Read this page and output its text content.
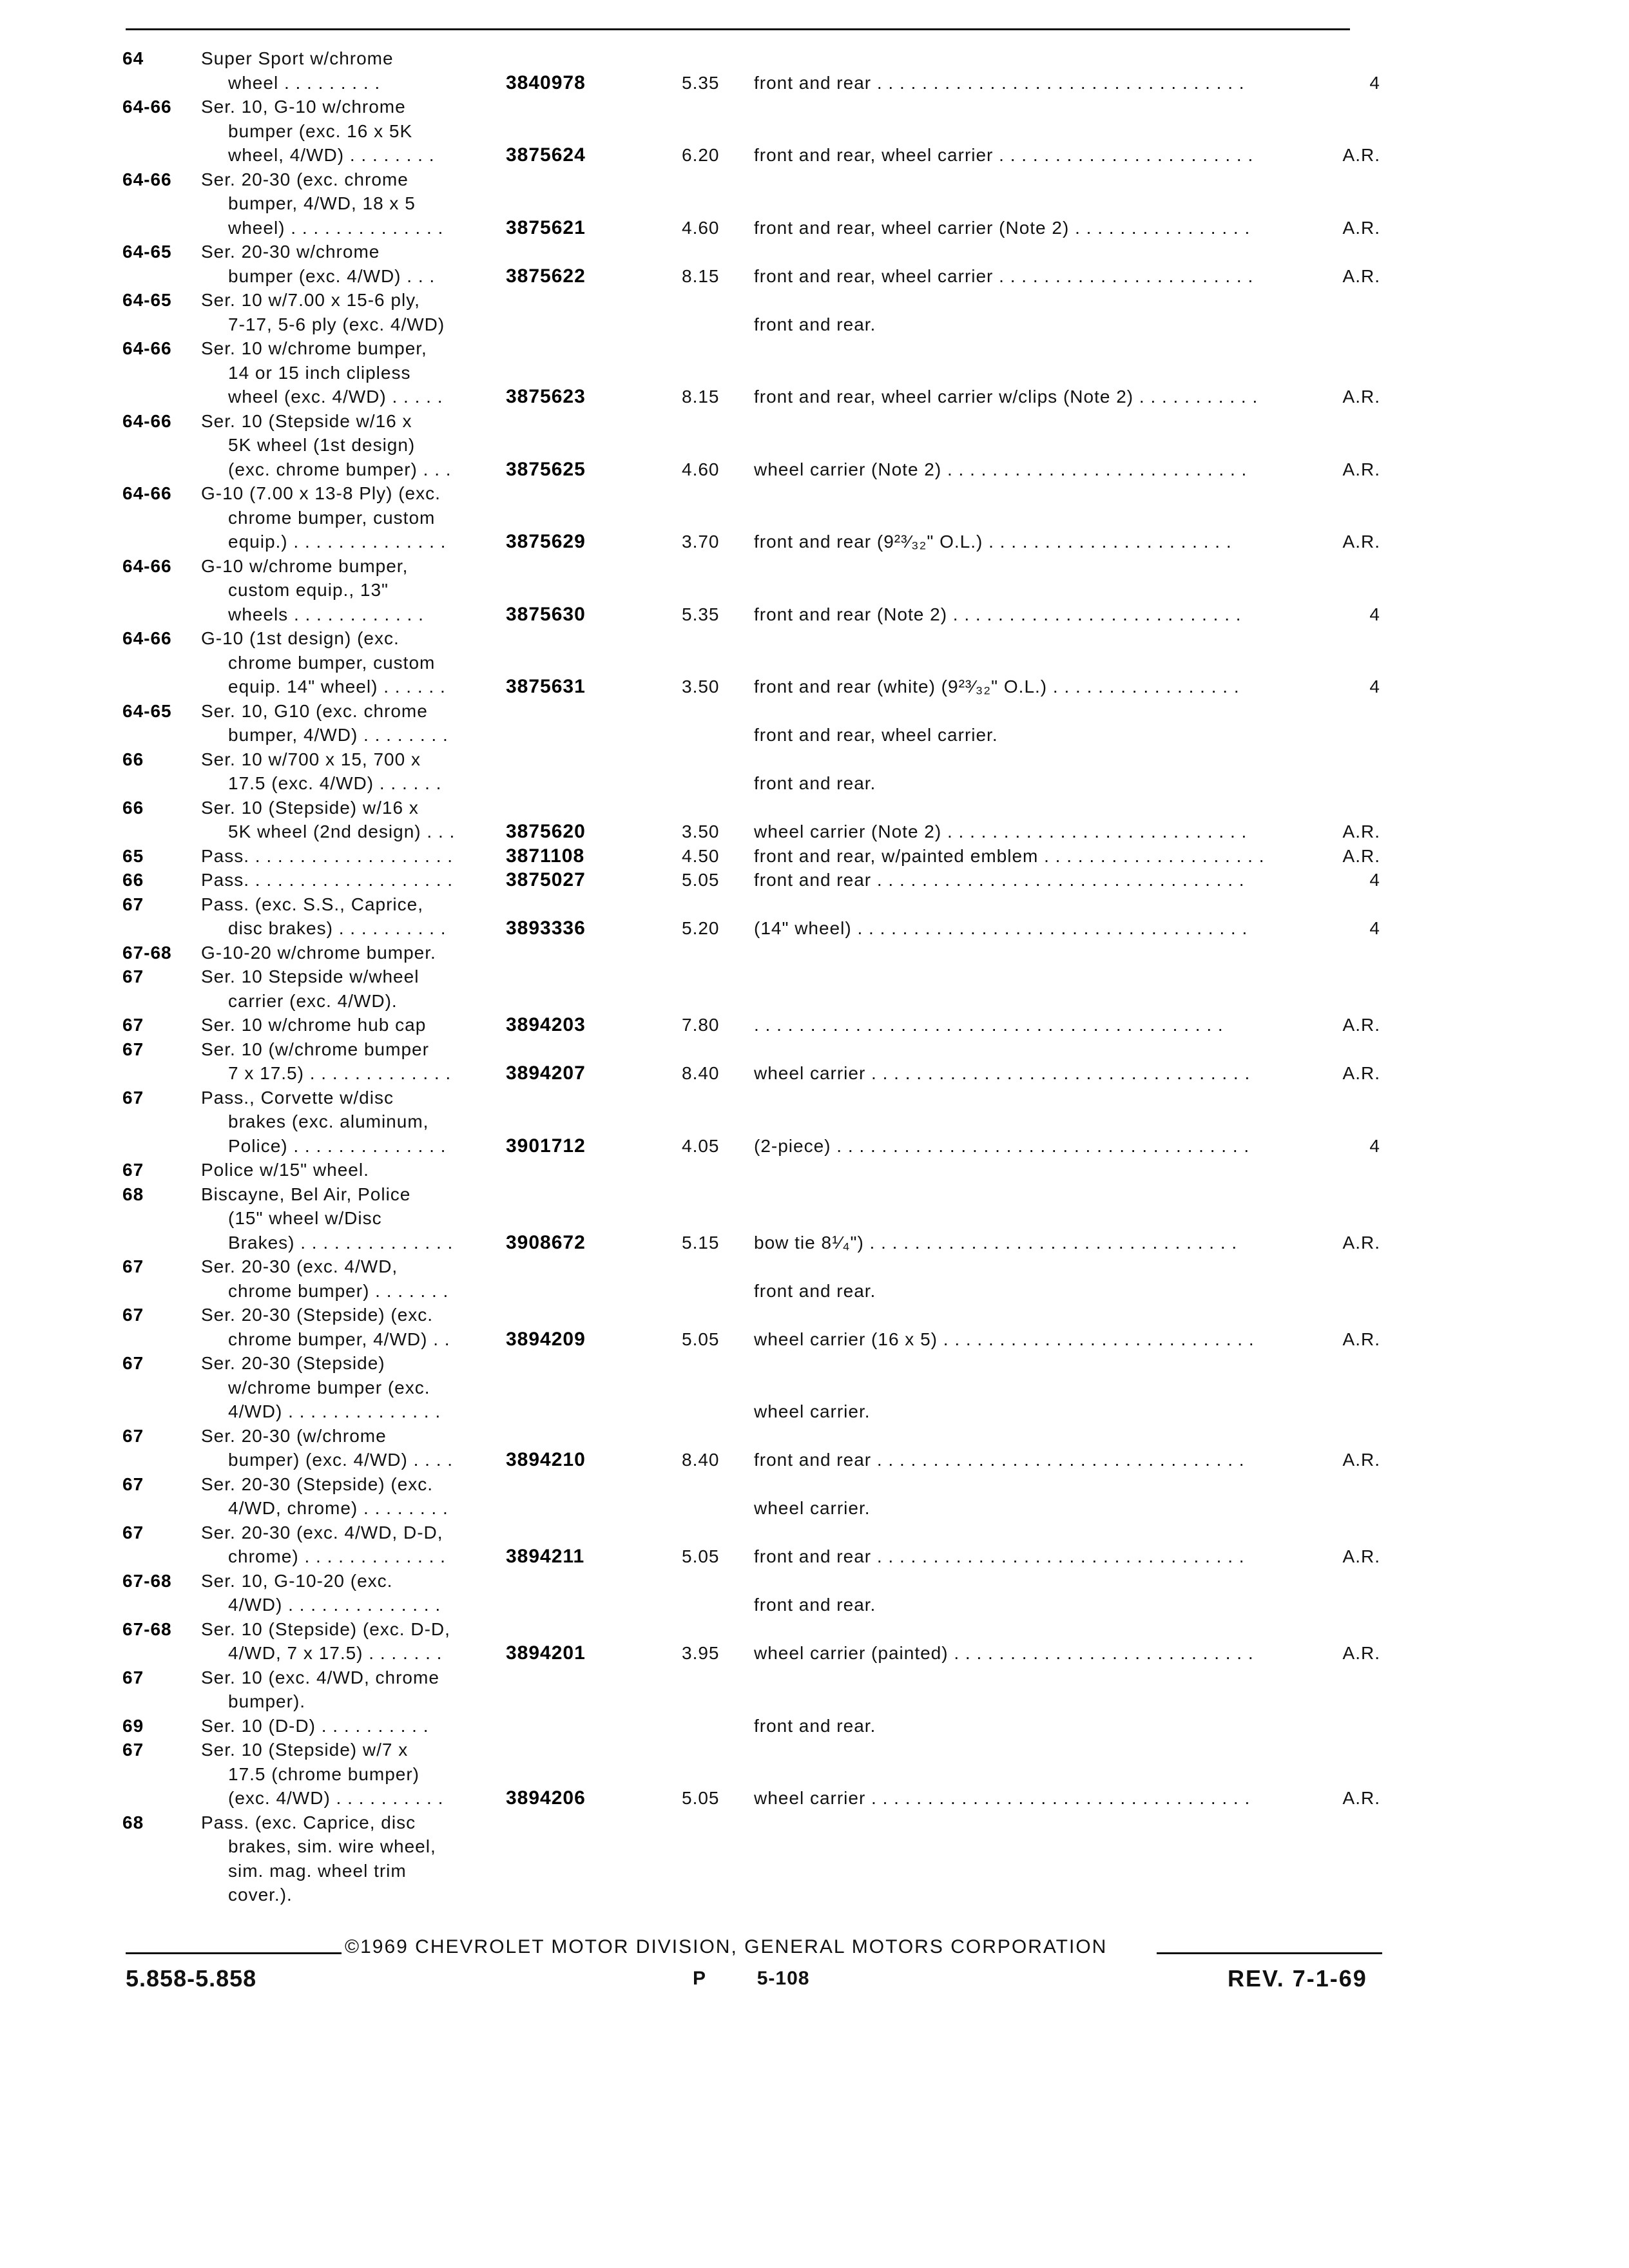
64	Super Sport w/chrome
wheel . . . . . . . . .	3840978	5.35	front and rear . . . . . . . . . . . . . . . . . . . . . . . . . . . . . . . . .	4
64-66	Ser. 10, G-10 w/chrome
bumper (exc. 16 x 5K
wheel, 4/WD) . . . . . . . .	3875624	6.20	front and rear, wheel carrier . . . . . . . . . . . . . . . . . . . . . . .	A.R.
64-66	Ser. 20-30 (exc. chrome
bumper, 4/WD, 18 x 5
wheel) . . . . . . . . . . . . . .	3875621	4.60	front and rear, wheel carrier (Note 2) . . . . . . . . . . . . . . . .	A.R.
64-65	Ser. 20-30 w/chrome
bumper (exc. 4/WD) . . .	3875622	8.15	front and rear, wheel carrier . . . . . . . . . . . . . . . . . . . . . . .	A.R.
64-65	Ser. 10 w/7.00 x 15-6 ply,
7-17, 5-6 ply (exc. 4/WD)	front and rear.
64-66	Ser. 10 w/chrome bumper,
14 or 15 inch clipless
wheel (exc. 4/WD) . . . . .	3875623	8.15	front and rear, wheel carrier w/clips (Note 2) . . . . . . . . . . .	A.R.
64-66	Ser. 10 (Stepside w/16 x
5K wheel (1st design)
(exc. chrome bumper) . . .	3875625	4.60	wheel carrier (Note 2) . . . . . . . . . . . . . . . . . . . . . . . . . . .	A.R.
64-66	G-10 (7.00 x 13-8 Ply) (exc.
chrome bumper, custom
equip.) . . . . . . . . . . . . . .	3875629	3.70	front and rear (9²³⁄₃₂" O.L.) . . . . . . . . . . . . . . . . . . . . . .	A.R.
64-66	G-10 w/chrome bumper,
custom equip., 13"
wheels . . . . . . . . . . . .	3875630	5.35	front and rear (Note 2) . . . . . . . . . . . . . . . . . . . . . . . . . .	4
64-66	G-10 (1st design) (exc.
chrome bumper, custom
equip. 14" wheel) . . . . . .	3875631	3.50	front and rear (white) (9²³⁄₃₂" O.L.) . . . . . . . . . . . . . . . . .	4
64-65	Ser. 10, G10 (exc. chrome
bumper, 4/WD) . . . . . . . .	front and rear, wheel carrier.
66	Ser. 10 w/700 x 15, 700 x
17.5 (exc. 4/WD) . . . . . .	front and rear.
66	Ser. 10 (Stepside) w/16 x
5K wheel (2nd design) . . .	3875620	3.50	wheel carrier (Note 2) . . . . . . . . . . . . . . . . . . . . . . . . . . .	A.R.
65	Pass. . . . . . . . . . . . . . . . . . .	3871108	4.50	front and rear, w/painted emblem . . . . . . . . . . . . . . . . . . . .	A.R.
66	Pass. . . . . . . . . . . . . . . . . . .	3875027	5.05	front and rear . . . . . . . . . . . . . . . . . . . . . . . . . . . . . . . . .	4
67	Pass. (exc. S.S., Caprice,
disc brakes) . . . . . . . . . .	3893336	5.20	(14" wheel) . . . . . . . . . . . . . . . . . . . . . . . . . . . . . . . . . . .	4
67-68	G-10-20 w/chrome bumper.
67	Ser. 10 Stepside w/wheel
carrier (exc. 4/WD).
67	Ser. 10 w/chrome hub cap	3894203	7.80	. . . . . . . . . . . . . . . . . . . . . . . . . . . . . . . . . . . . . . . . . .	A.R.
67	Ser. 10 (w/chrome bumper
7 x 17.5) . . . . . . . . . . . . .	3894207	8.40	wheel carrier . . . . . . . . . . . . . . . . . . . . . . . . . . . . . . . . . .	A.R.
67	Pass., Corvette w/disc
brakes (exc. aluminum,
Police) . . . . . . . . . . . . . .	3901712	4.05	(2-piece) . . . . . . . . . . . . . . . . . . . . . . . . . . . . . . . . . . . . .	4
67	Police w/15" wheel.
68	Biscayne, Bel Air, Police
(15" wheel w/Disc
Brakes) . . . . . . . . . . . . . .	3908672	5.15	bow tie 8¹⁄₄") . . . . . . . . . . . . . . . . . . . . . . . . . . . . . . . . .	A.R.
67	Ser. 20-30 (exc. 4/WD,
chrome bumper) . . . . . . .	front and rear.
67	Ser. 20-30 (Stepside) (exc.
chrome bumper, 4/WD) . .	3894209	5.05	wheel carrier (16 x 5) . . . . . . . . . . . . . . . . . . . . . . . . . . . .	A.R.
67	Ser. 20-30 (Stepside)
w/chrome bumper (exc.
4/WD) . . . . . . . . . . . . . .	wheel carrier.
67	Ser. 20-30 (w/chrome
bumper) (exc. 4/WD) . . . .	3894210	8.40	front and rear . . . . . . . . . . . . . . . . . . . . . . . . . . . . . . . . .	A.R.
67	Ser. 20-30 (Stepside) (exc.
4/WD, chrome) . . . . . . . .	wheel carrier.
67	Ser. 20-30 (exc. 4/WD, D-D,
chrome) . . . . . . . . . . . . .	3894211	5.05	front and rear . . . . . . . . . . . . . . . . . . . . . . . . . . . . . . . . .	A.R.
67-68	Ser. 10, G-10-20 (exc.
4/WD) . . . . . . . . . . . . . .	front and rear.
67-68	Ser. 10 (Stepside) (exc. D-D,
4/WD, 7 x 17.5) . . . . . . .	3894201	3.95	wheel carrier (painted) . . . . . . . . . . . . . . . . . . . . . . . . . . .	A.R.
67	Ser. 10 (exc. 4/WD, chrome
bumper).
69	Ser. 10 (D-D) . . . . . . . . . .	front and rear.
67	Ser. 10 (Stepside) w/7 x
17.5 (chrome bumper)
(exc. 4/WD) . . . . . . . . . .	3894206	5.05	wheel carrier . . . . . . . . . . . . . . . . . . . . . . . . . . . . . . . . . .	A.R.
68	Pass. (exc. Caprice, disc
brakes, sim. wire wheel,
sim. mag. wheel trim
cover.).
©1969 CHEVROLET MOTOR DIVISION, GENERAL MOTORS CORPORATION
5.858-5.858	P	5-108	REV. 7-1-69
